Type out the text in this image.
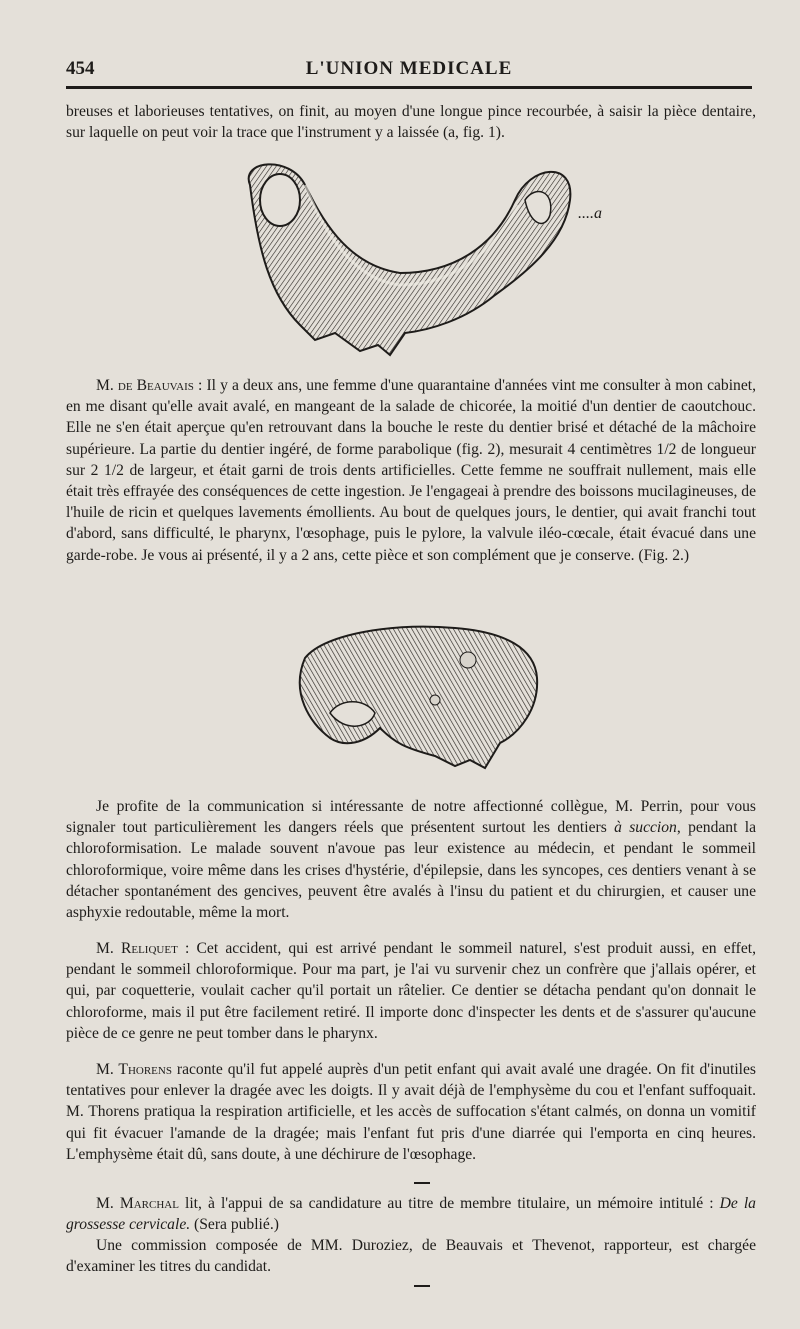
454	L'UNION MEDICALE

breuses et laborieuses tentatives, on finit, au moyen d'une longue pince recourbée, à saisir la pièce dentaire, sur laquelle on peut voir la trace que l'instrument y a laissée (a, fig. 1).

....a

M. de Beauvais : Il y a deux ans, une femme d'une quarantaine d'années vint me consulter à mon cabinet, en me disant qu'elle avait avalé, en mangeant de la salade de chicorée, la moitié d'un dentier de caoutchouc. Elle ne s'en était aperçue qu'en retrouvant dans la bouche le reste du dentier brisé et détaché de la mâchoire supérieure. La partie du dentier ingéré, de forme parabolique (fig. 2), mesurait 4 centimètres 1/2 de longueur sur 2 1/2 de largeur, et était garni de trois dents artificielles. Cette femme ne souffrait nullement, mais elle était très effrayée des conséquences de cette ingestion. Je l'engageai à prendre des boissons mucilagineuses, de l'huile de ricin et quelques lavements émollients. Au bout de quelques jours, le dentier, qui avait franchi tout d'abord, sans difficulté, le pharynx, l'œsophage, puis le pylore, la valvule iléo-cœcale, était évacué dans une garde-robe. Je vous ai présenté, il y a 2 ans, cette pièce et son complément que je conserve. (Fig. 2.)

Je profite de la communication si intéressante de notre affectionné collègue, M. Perrin, pour vous signaler tout particulièrement les dangers réels que présentent surtout les dentiers à succion, pendant la chloroformisation. Le malade souvent n'avoue pas leur existence au médecin, et pendant le sommeil chloroformique, voire même dans les crises d'hystérie, d'épilepsie, dans les syncopes, ces dentiers venant à se détacher spontanément des gencives, peuvent être avalés à l'insu du patient et du chirurgien, et causer une asphyxie redoutable, même la mort.

M. Reliquet : Cet accident, qui est arrivé pendant le sommeil naturel, s'est produit aussi, en effet, pendant le sommeil chloroformique. Pour ma part, je l'ai vu survenir chez un confrère que j'allais opérer, et qui, par coquetterie, voulait cacher qu'il portait un râtelier. Ce dentier se détacha pendant qu'on donnait le chloroforme, mais il put être facilement retiré. Il importe donc d'inspecter les dents et de s'assurer qu'aucune pièce de ce genre ne peut tomber dans le pharynx.

M. Thorens raconte qu'il fut appelé auprès d'un petit enfant qui avait avalé une dragée. On fit d'inutiles tentatives pour enlever la dragée avec les doigts. Il y avait déjà de l'emphysème du cou et l'enfant suffoquait. M. Thorens pratiqua la respiration artificielle, et les accès de suffocation s'étant calmés, on donna un vomitif qui fit évacuer l'amande de la dragée; mais l'enfant fut pris d'une diarrée qui l'emporta en cinq heures. L'emphysème était dû, sans doute, à une déchirure de l'œsophage.

M. Marchal lit, à l'appui de sa candidature au titre de membre titulaire, un mémoire intitulé : De la grossesse cervicale. (Sera publié.)

Une commission composée de MM. Duroziez, de Beauvais et Thevenot, rapporteur, est chargée d'examiner les titres du candidat.
